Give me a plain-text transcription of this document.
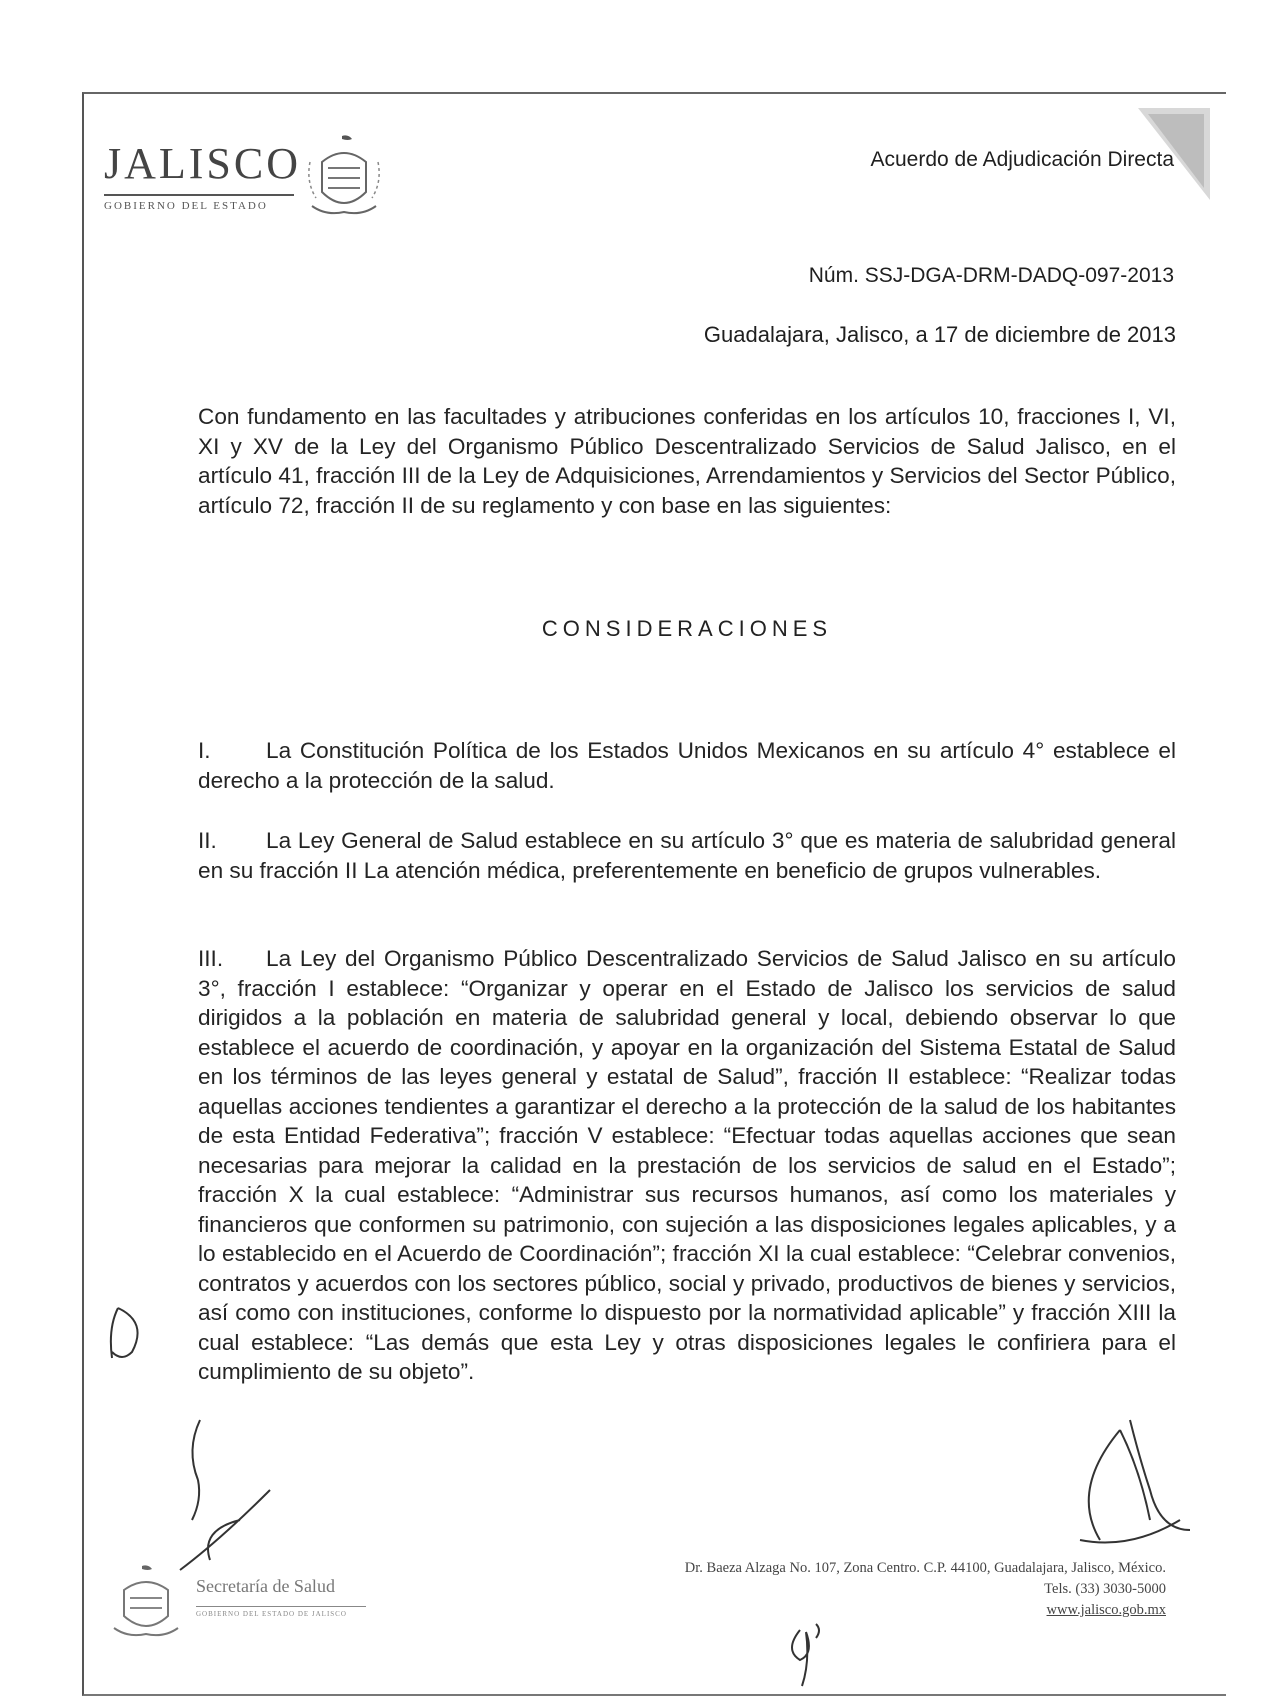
JALISCO
GOBIERNO DEL ESTADO
Acuerdo de Adjudicación Directa
Núm. SSJ-DGA-DRM-DADQ-097-2013
Guadalajara, Jalisco, a 17 de diciembre de 2013
Con fundamento en las facultades y atribuciones conferidas en los artículos 10, fracciones I, VI, XI y XV de la Ley del Organismo Público Descentralizado Servicios de Salud Jalisco, en el artículo 41, fracción III de la Ley de Adquisiciones, Arrendamientos y Servicios del Sector Público, artículo 72, fracción II de su reglamento y con base en las siguientes:
CONSIDERACIONES
I. La Constitución Política de los Estados Unidos Mexicanos en su artículo 4° establece el derecho a la protección de la salud.
II. La Ley General de Salud establece en su artículo 3° que es materia de salubridad general en su fracción II La atención médica, preferentemente en beneficio de grupos vulnerables.
III. La Ley del Organismo Público Descentralizado Servicios de Salud Jalisco en su artículo 3°, fracción I establece: “Organizar y operar en el Estado de Jalisco los servicios de salud dirigidos a la población en materia de salubridad general y local, debiendo observar lo que establece el acuerdo de coordinación, y apoyar en la organización del Sistema Estatal de Salud en los términos de las leyes general y estatal de Salud”, fracción II establece: “Realizar todas aquellas acciones tendientes a garantizar el derecho a la protección de la salud de los habitantes de esta Entidad Federativa”; fracción V establece: “Efectuar todas aquellas acciones que sean necesarias para mejorar la calidad en la prestación de los servicios de salud en el Estado”; fracción X la cual establece: “Administrar sus recursos humanos, así como los materiales y financieros que conformen su patrimonio, con sujeción a las disposiciones legales aplicables, y a lo establecido en el Acuerdo de Coordinación”; fracción XI la cual establece: “Celebrar convenios, contratos y acuerdos con los sectores público, social y privado, productivos de bienes y servicios, así como con instituciones, conforme lo dispuesto por la normatividad aplicable” y fracción XIII la cual establece: “Las demás que esta Ley y otras disposiciones legales le confiriera para el cumplimiento de su objeto”.
Secretaría de Salud
GOBIERNO DEL ESTADO DE JALISCO
Dr. Baeza Alzaga No. 107, Zona Centro. C.P. 44100, Guadalajara, Jalisco, México.
Tels. (33) 3030-5000
www.jalisco.gob.mx
